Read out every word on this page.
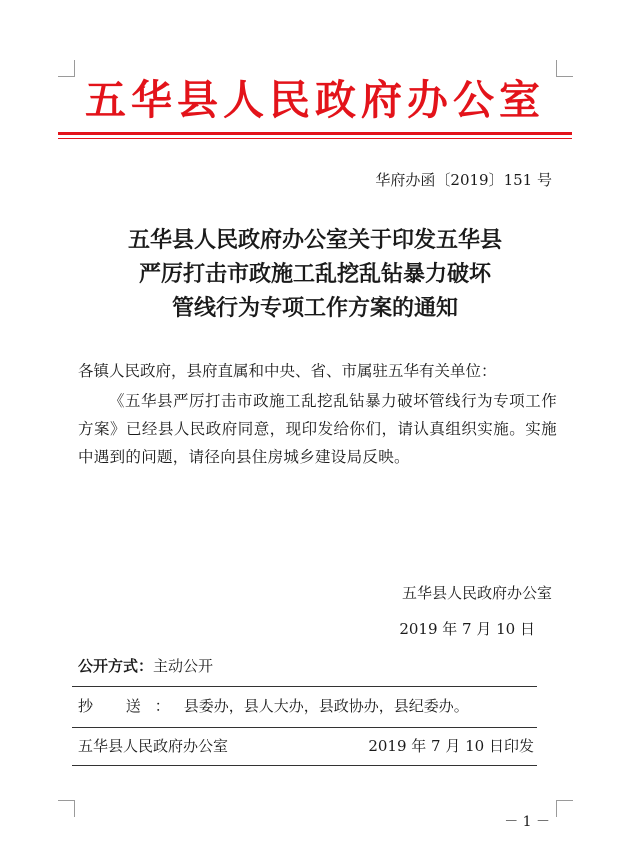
五华县人民政府办公室
华府办函〔2019〕151 号
五华县人民政府办公室关于印发五华县
严厉打击市政施工乱挖乱钻暴力破坏
管线行为专项工作方案的通知
各镇人民政府，县府直属和中央、省、市属驻五华有关单位：
《五华县严厉打击市政施工乱挖乱钻暴力破坏管线行为专项工作方案》已经县人民政府同意，现印发给你们，请认真组织实施。实施中遇到的问题，请径向县住房城乡建设局反映。
五华县人民政府办公室
2019 年 7 月 10 日
公开方式：主动公开
抄 送：县委办，县人大办，县政协办，县纪委办。
五华县人民政府办公室	2019 年 7 月 10 日印发
－ 1 －
